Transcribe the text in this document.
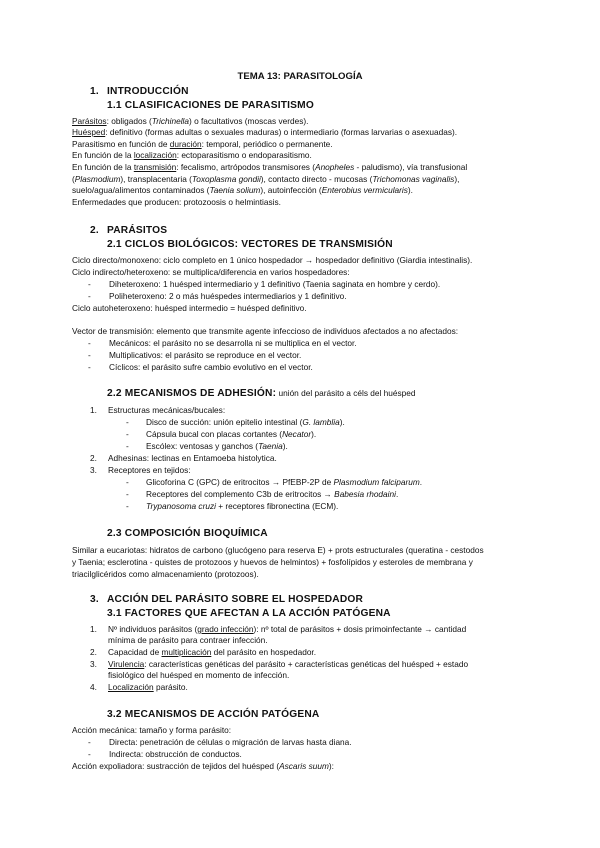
TEMA 13: PARASITOLOGÍA
1. INTRODUCCIÓN
1.1 CLASIFICACIONES DE PARASITISMO
Parásitos: obligados (Trichinella) o facultativos (moscas verdes).
Huésped: definitivo (formas adultas o sexuales maduras) o intermediario (formas larvarias o asexuadas).
Parasitismo en función de duración: temporal, periódico o permanente.
En función de la localización: ectoparasitismo o endoparasitismo.
En función de la transmisión: fecalismo, artrópodos transmisores (Anopheles - paludismo), vía transfusional
(Plasmodium), transplacentaria (Toxoplasma gondii), contacto directo - mucosas (Trichomonas vaginalis),
suelo/agua/alimentos contaminados (Taenia solium), autoinfección (Enterobius vermicularis).
Enfermedades que producen: protozoosis o helmintiasis.
2. PARÁSITOS
2.1 CICLOS BIOLÓGICOS: VECTORES DE TRANSMISIÓN
Ciclo directo/monoxeno: ciclo completo en 1 único hospedador → hospedador definitivo (Giardia intestinalis).
Ciclo indirecto/heteroxeno: se multiplica/diferencia en varios hospedadores:
- Diheteroxeno: 1 huésped intermediario y 1 definitivo (Taenia saginata en hombre y cerdo).
- Poliheteroxeno: 2 o más huéspedes intermediarios y 1 definitivo.
Ciclo autoheteroxeno: huésped intermedio = huésped definitivo.
Vector de transmisión: elemento que transmite agente infeccioso de individuos afectados a no afectados:
- Mecánicos: el parásito no se desarrolla ni se multiplica en el vector.
- Multiplicativos: el parásito se reproduce en el vector.
- Cíclicos: el parásito sufre cambio evolutivo en el vector.
2.2 MECANISMOS DE ADHESIÓN: unión del parásito a céls del huésped
1. Estructuras mecánicas/bucales:
- Disco de succión: unión epitelio intestinal (G. lamblia).
- Cápsula bucal con placas cortantes (Necator).
- Escólex: ventosas y ganchos (Taenia).
2. Adhesinas: lectinas en Entamoeba histolytica.
3. Receptores en tejidos:
- Glicoforina C (GPC) de eritrocitos → PfEBP-2P de Plasmodium falciparum.
- Receptores del complemento C3b de eritrocitos → Babesia rhodaini.
- Trypanosoma cruzi + receptores fibronectina (ECM).
2.3 COMPOSICIÓN BIOQUÍMICA
Similar a eucariotas: hidratos de carbono (glucógeno para reserva E) + prots estructurales (queratina - cestodos
y Taenia; esclerotina - quistes de protozoos y huevos de helmintos) + fosfolípidos y esteroles de membrana y
triacilglicéridos como almacenamiento (protozoos).
3. ACCIÓN DEL PARÁSITO SOBRE EL HOSPEDADOR
3.1 FACTORES QUE AFECTAN A LA ACCIÓN PATÓGENA
1. Nº individuos parásitos (grado infección): nº total de parásitos + dosis primoinfectante → cantidad
mínima de parásito para contraer infección.
2. Capacidad de multiplicación del parásito en hospedador.
3. Virulencia: características genéticas del parásito + características genéticas del huésped + estado
fisiológico del huésped en momento de infección.
4. Localización parásito.
3.2 MECANISMOS DE ACCIÓN PATÓGENA
Acción mecánica: tamaño y forma parásito:
- Directa: penetración de células o migración de larvas hasta diana.
- Indirecta: obstrucción de conductos.
Acción expoliadora: sustracción de tejidos del huésped (Ascaris suum):
